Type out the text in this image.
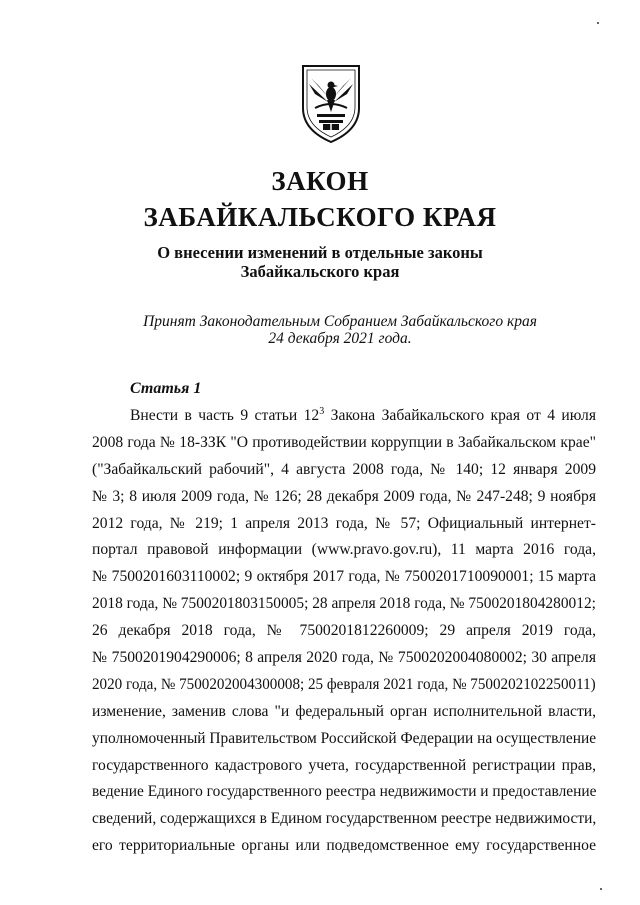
ЗАКОН
ЗАБАЙКАЛЬСКОГО КРАЯ
О внесении изменений в отдельные законы
Забайкальского края
Принят Законодательным Собранием Забайкальского края
24 декабря 2021 года.
Статья 1
Внести в часть 9 статьи $12^3$ Закона Забайкальского края от 4 июля
2008 года № 18-ЗЗК "О противодействии коррупции в Забайкальском крае"
("Забайкальский рабочий", 4 августа 2008 года, № 140; 12 января 2009
№ 3; 8 июля 2009 года, № 126; 28 декабря 2009 года, № 247-248; 9 ноября
2012 года, № 219; 1 апреля 2013 года, № 57; Официальный интернет-
портал правовой информации (www.pravo.gov.ru), 11 марта 2016 года,
№ 7500201603110002; 9 октября 2017 года, № 7500201710090001; 15 марта
2018 года, № 7500201803150005; 28 апреля 2018 года, № 7500201804280012;
26 декабря 2018 года, № 7500201812260009; 29 апреля 2019 года,
№ 7500201904290006; 8 апреля 2020 года, № 7500202004080002; 30 апреля
2020 года, № 7500202004300008; 25 февраля 2021 года, № 7500202102250011)
изменение, заменив слова "и федеральный орган исполнительной власти,
уполномоченный Правительством Российской Федерации на осуществление
государственного кадастрового учета, государственной регистрации прав,
ведение Единого государственного реестра недвижимости и предоставление
сведений, содержащихся в Едином государственном реестре недвижимости,
его территориальные органы или подведомственное ему государственное
